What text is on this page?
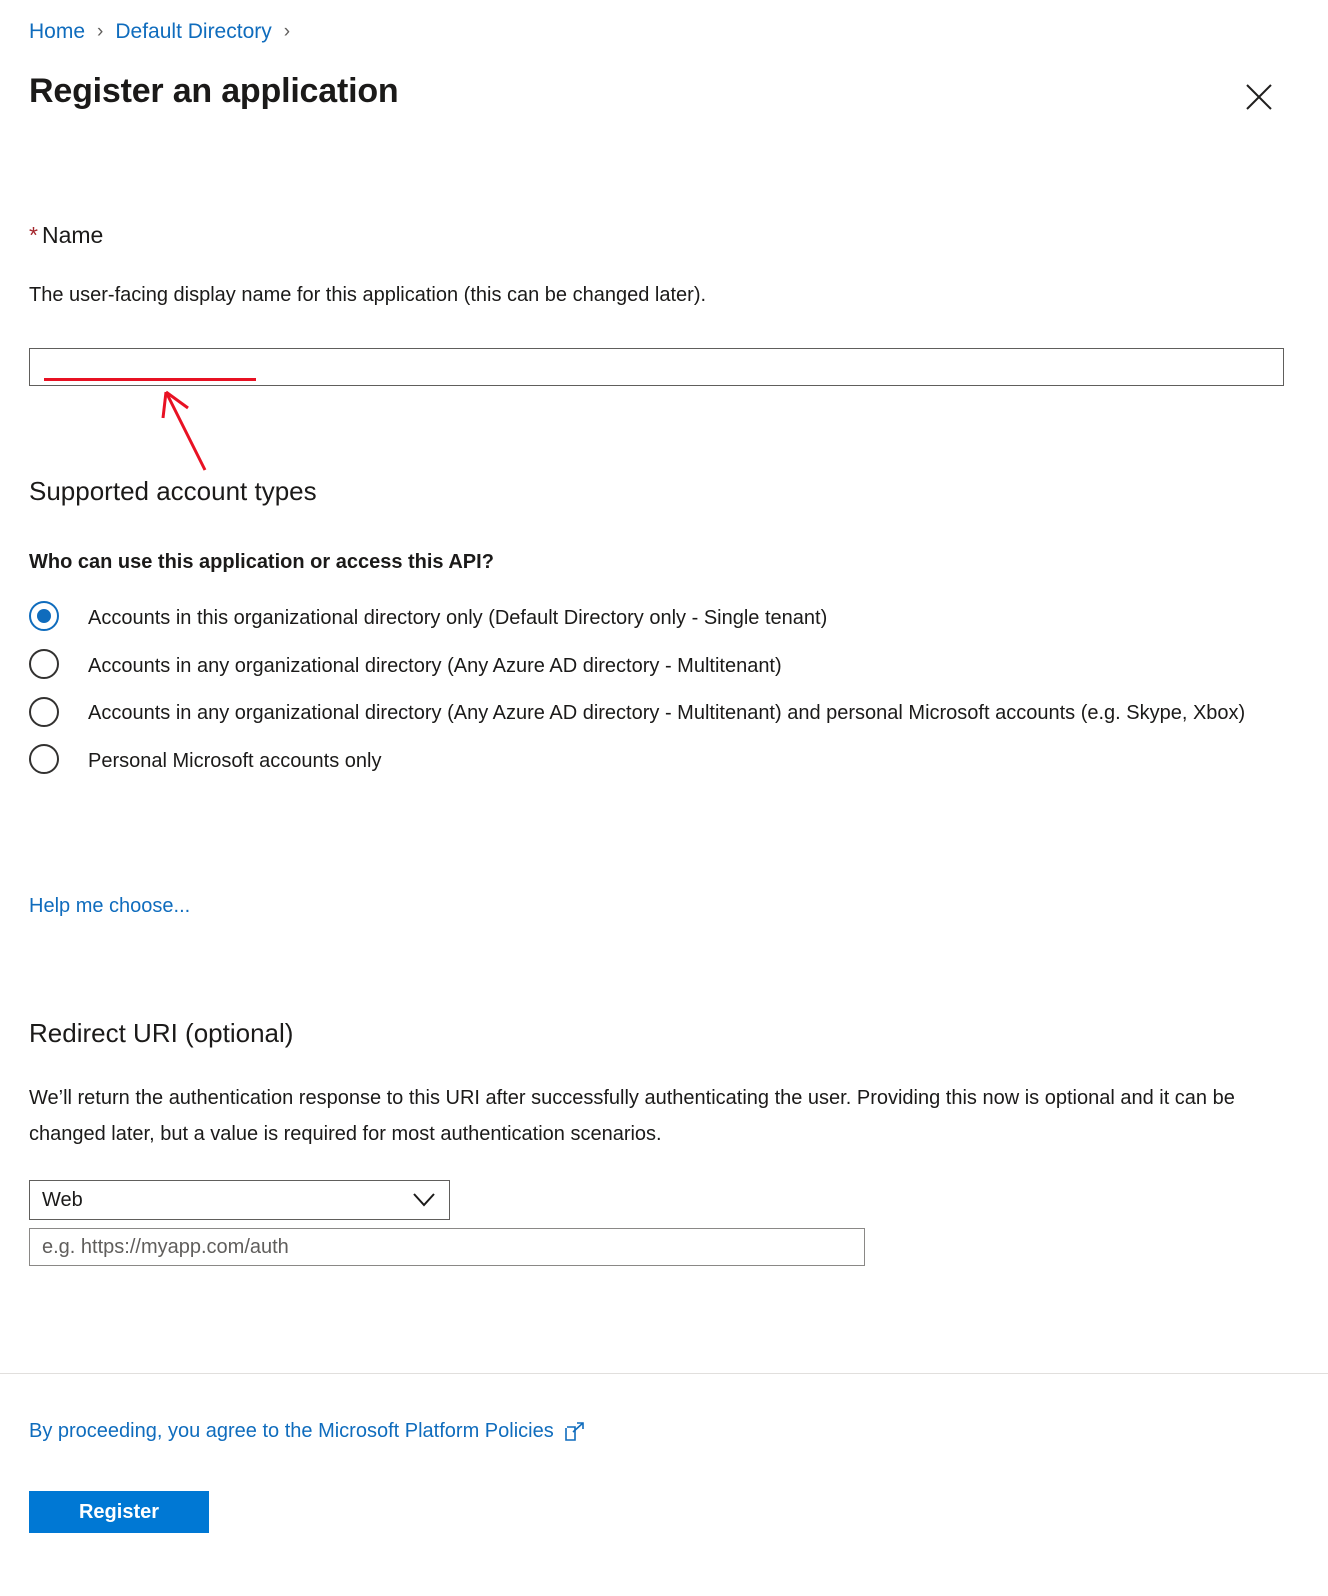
Home › Default Directory ›
Register an application
* Name
The user-facing display name for this application (this can be changed later).
Supported account types
Who can use this application or access this API?
Accounts in this organizational directory only (Default Directory only - Single tenant)
Accounts in any organizational directory (Any Azure AD directory - Multitenant)
Accounts in any organizational directory (Any Azure AD directory - Multitenant) and personal Microsoft accounts (e.g. Skype, Xbox)
Personal Microsoft accounts only
Help me choose...
Redirect URI (optional)
We’ll return the authentication response to this URI after successfully authenticating the user. Providing this now is optional and it can be changed later, but a value is required for most authentication scenarios.
Web
e.g. https://myapp.com/auth
By proceeding, you agree to the Microsoft Platform Policies
Register
